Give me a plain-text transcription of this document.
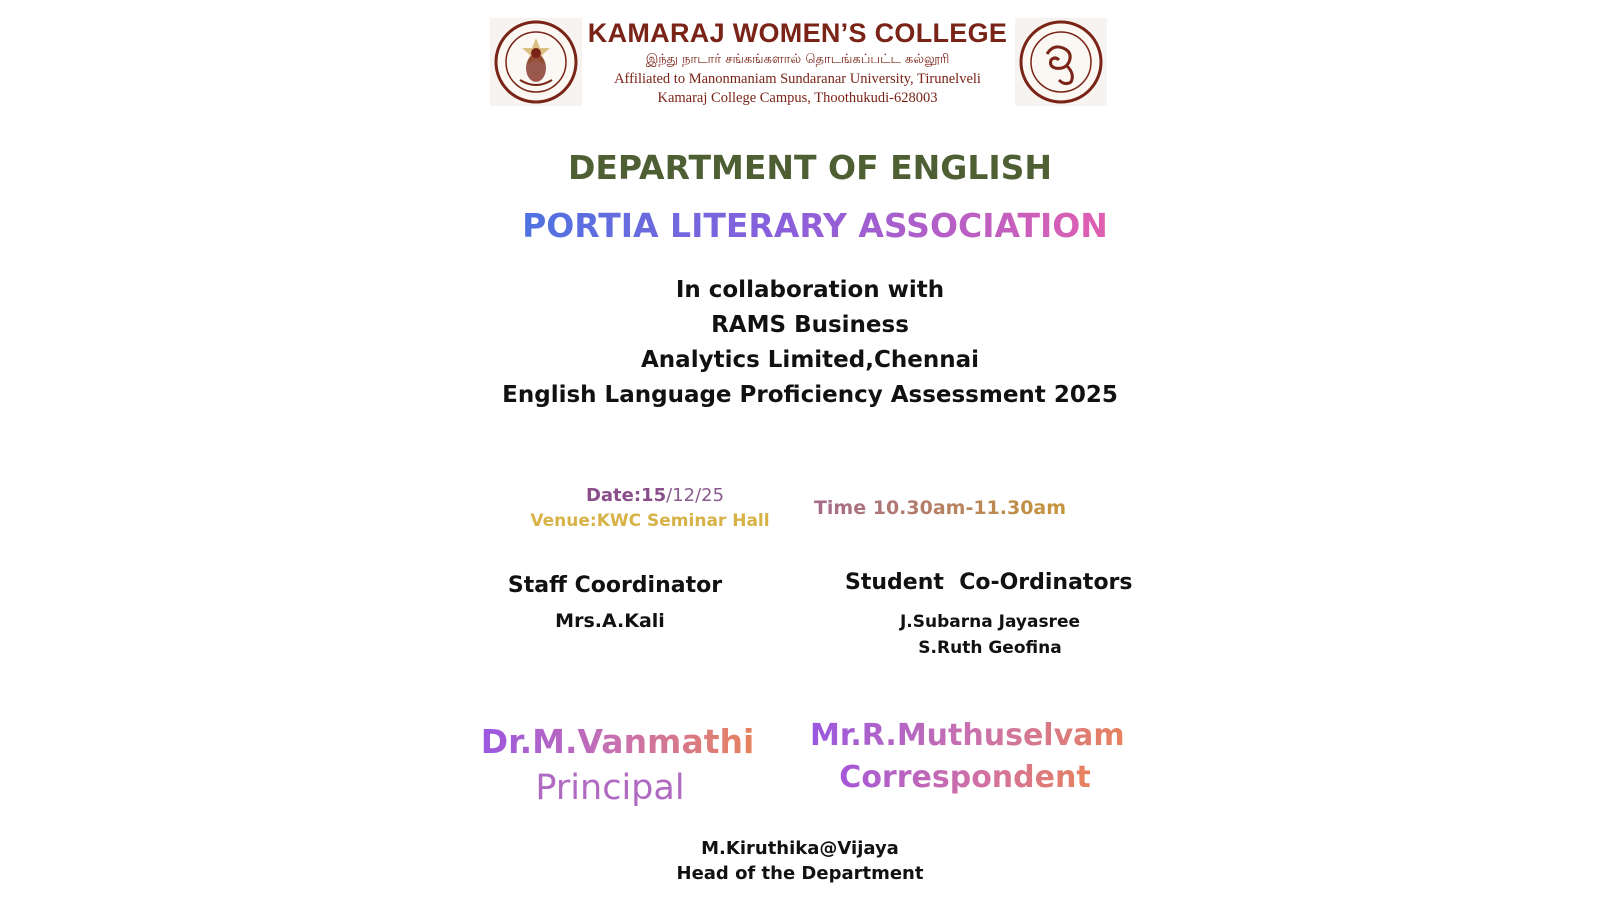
KAMARAJ WOMEN’S COLLEGE
இந்து நாடார் சங்கங்களால் தொடங்கப்பட்ட கல்லூரி
Affiliated to Manonmaniam Sundaranar University, Tirunelveli
Kamaraj College Campus, Thoothukudi-628003
DEPARTMENT OF ENGLISH
PORTIA LITERARY ASSOCIATION
In collaboration with
RAMS Business
Analytics Limited,Chennai
English Language Proficiency Assessment 2025
Date:15/12/25
Venue:KWC Seminar Hall
Time 10.30am-11.30am
Staff Coordinator
Mrs.A.Kali
Student  Co-Ordinators
J.Subarna Jayasree
S.Ruth Geofina
Dr.M.Vanmathi
Principal
Mr.R.Muthuselvam
Correspondent
M.Kiruthika@Vijaya
Head of the Department
